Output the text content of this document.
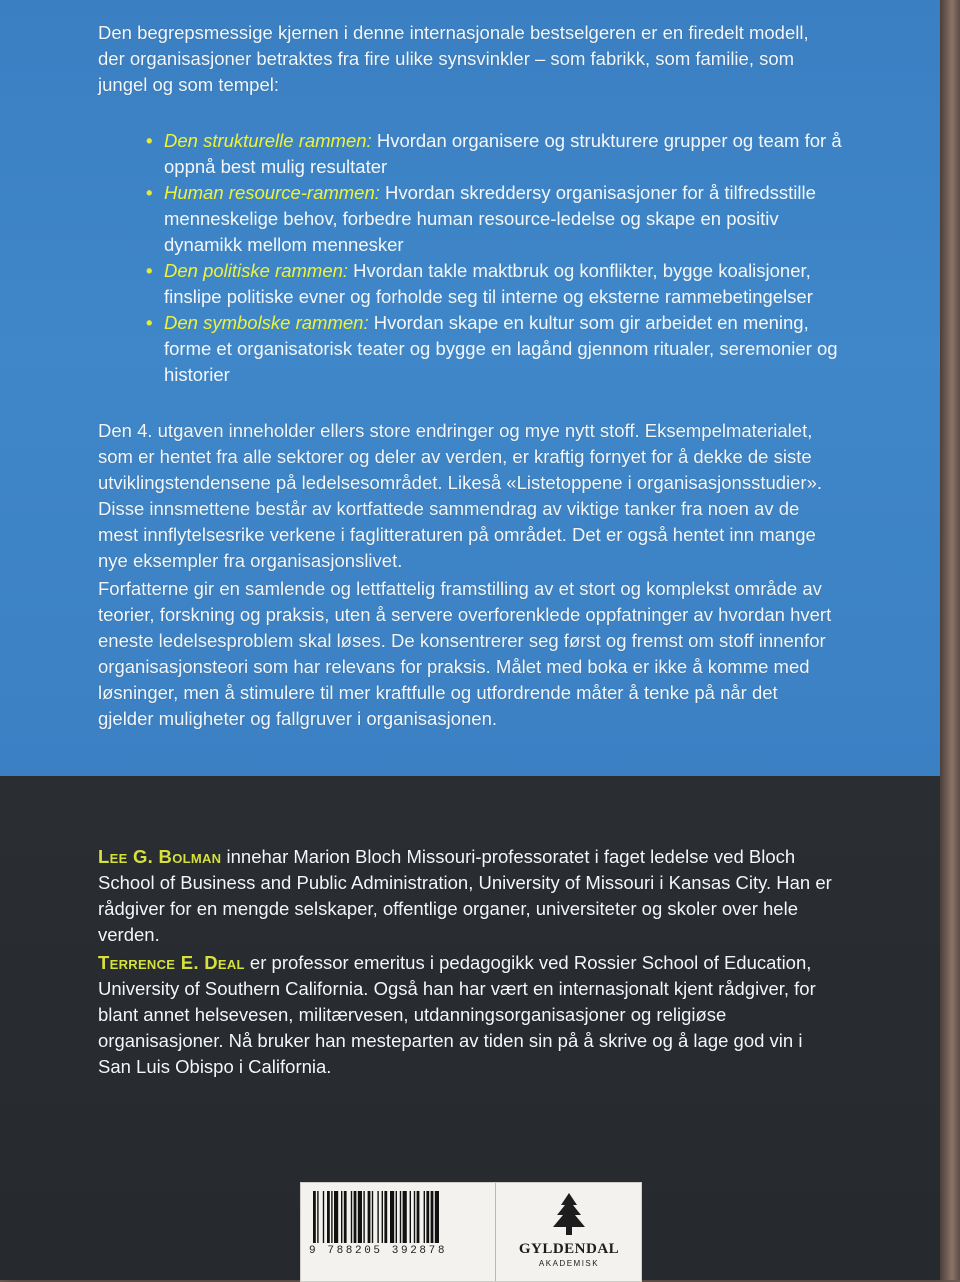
Den begrepsmessige kjernen i denne internasjonale bestselgeren er en firedelt modell, der organisasjoner betraktes fra fire ulike synsvinkler – som fabrikk, som familie, som jungel og som tempel:

• Den strukturelle rammen: Hvordan organisere og strukturere grupper og team for å oppnå best mulig resultater
• Human resource-rammen: Hvordan skreddersy organisasjoner for å tilfredsstille menneskelige behov, forbedre human resource-ledelse og skape en positiv dynamikk mellom mennesker
• Den politiske rammen: Hvordan takle maktbruk og konflikter, bygge koalisjoner, finslipe politiske evner og forholde seg til interne og eksterne rammebetingelser
• Den symbolske rammen: Hvordan skape en kultur som gir arbeidet en mening, forme et organisatorisk teater og bygge en lagånd gjennom ritualer, seremonier og historier

Den 4. utgaven inneholder ellers store endringer og mye nytt stoff. Eksempelmaterialet, som er hentet fra alle sektorer og deler av verden, er kraftig fornyet for å dekke de siste utviklingstendensene på ledelsesområdet. Likeså «Listetoppene i organisasjonsstudier». Disse innsmettene består av kortfattede sammendrag av viktige tanker fra noen av de mest innflytelsesrike verkene i faglitteraturen på området. Det er også hentet inn mange nye eksempler fra organisasjonslivet.

Forfatterne gir en samlende og lettfattelig framstilling av et stort og komplekst område av teorier, forskning og praksis, uten å servere overforenklede oppfatninger av hvordan hvert eneste ledelsesproblem skal løses. De konsentrerer seg først og fremst om stoff innenfor organisasjonsteori som har relevans for praksis. Målet med boka er ikke å komme med løsninger, men å stimulere til mer kraftfulle og utfordrende måter å tenke på når det gjelder muligheter og fallgruver i organisasjonen.

Lee G. Bolman innehar Marion Bloch Missouri-professoratet i faget ledelse ved Bloch School of Business and Public Administration, University of Missouri i Kansas City. Han er rådgiver for en mengde selskaper, offentlige organer, universiteter og skoler over hele verden.

Terrence E. Deal er professor emeritus i pedagogikk ved Rossier School of Education, University of Southern California. Også han har vært en internasjonalt kjent rådgiver, for blant annet helsevesen, militærvesen, utdanningsorganisasjoner og religiøse organisasjoner. Nå bruker han mesteparten av tiden sin på å skrive og å lage god vin i San Luis Obispo i California.

9 788205 392878	GYLDENDAL
AKADEMISK
